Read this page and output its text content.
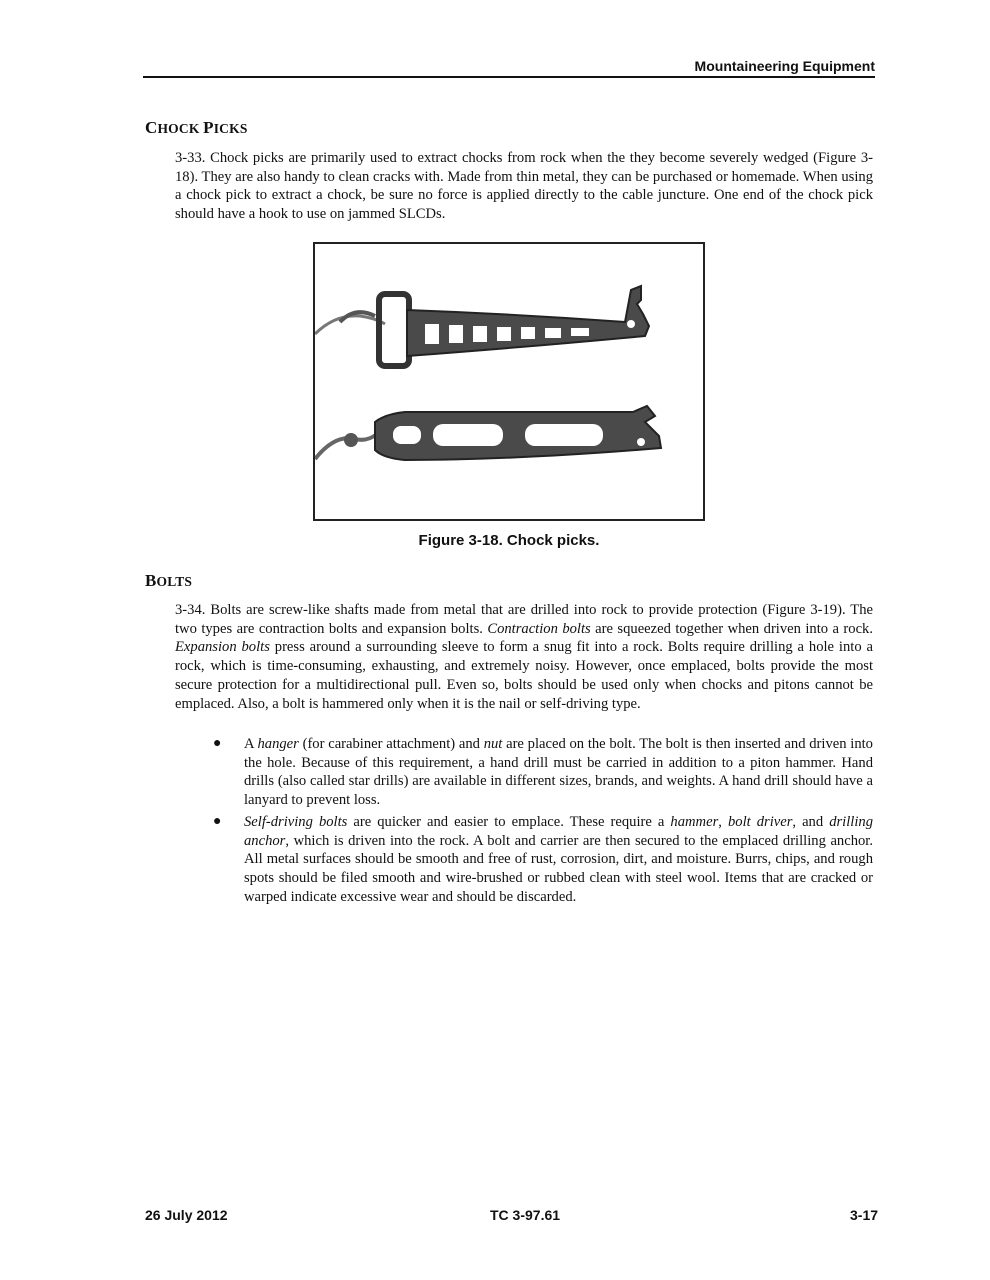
Mountaineering Equipment
CHOCK PICKS

3-33. Chock picks are primarily used to extract chocks from rock when the they become severely wedged (Figure 3-18). They are also handy to clean cracks with. Made from thin metal, they can be purchased or homemade. When using a chock pick to extract a chock, be sure no force is applied directly to the cable juncture. One end of the chock pick should have a hook to use on jammed SLCDs.

Figure 3-18. Chock picks.
BOLTS

3-34. Bolts are screw-like shafts made from metal that are drilled into rock to provide protection (Figure 3-19). The two types are contraction bolts and expansion bolts. Contraction bolts are squeezed together when driven into a rock. Expansion bolts press around a surrounding sleeve to form a snug fit into a rock. Bolts require drilling a hole into a rock, which is time-consuming, exhausting, and extremely noisy. However, once emplaced, bolts provide the most secure protection for a multidirectional pull. Even so, bolts should be used only when chocks and pitons cannot be emplaced. Also, a bolt is hammered only when it is the nail or self-driving type.

● A hanger (for carabiner attachment) and nut are placed on the bolt. The bolt is then inserted and driven into the hole. Because of this requirement, a hand drill must be carried in addition to a piton hammer. Hand drills (also called star drills) are available in different sizes, brands, and weights. A hand drill should have a lanyard to prevent loss.
● Self-driving bolts are quicker and easier to emplace. These require a hammer, bolt driver, and drilling anchor, which is driven into the rock. A bolt and carrier are then secured to the emplaced drilling anchor. All metal surfaces should be smooth and free of rust, corrosion, dirt, and moisture. Burrs, chips, and rough spots should be filed smooth and wire-brushed or rubbed clean with steel wool. Items that are cracked or warped indicate excessive wear and should be discarded.
26 July 2012	TC 3-97.61	3-17
